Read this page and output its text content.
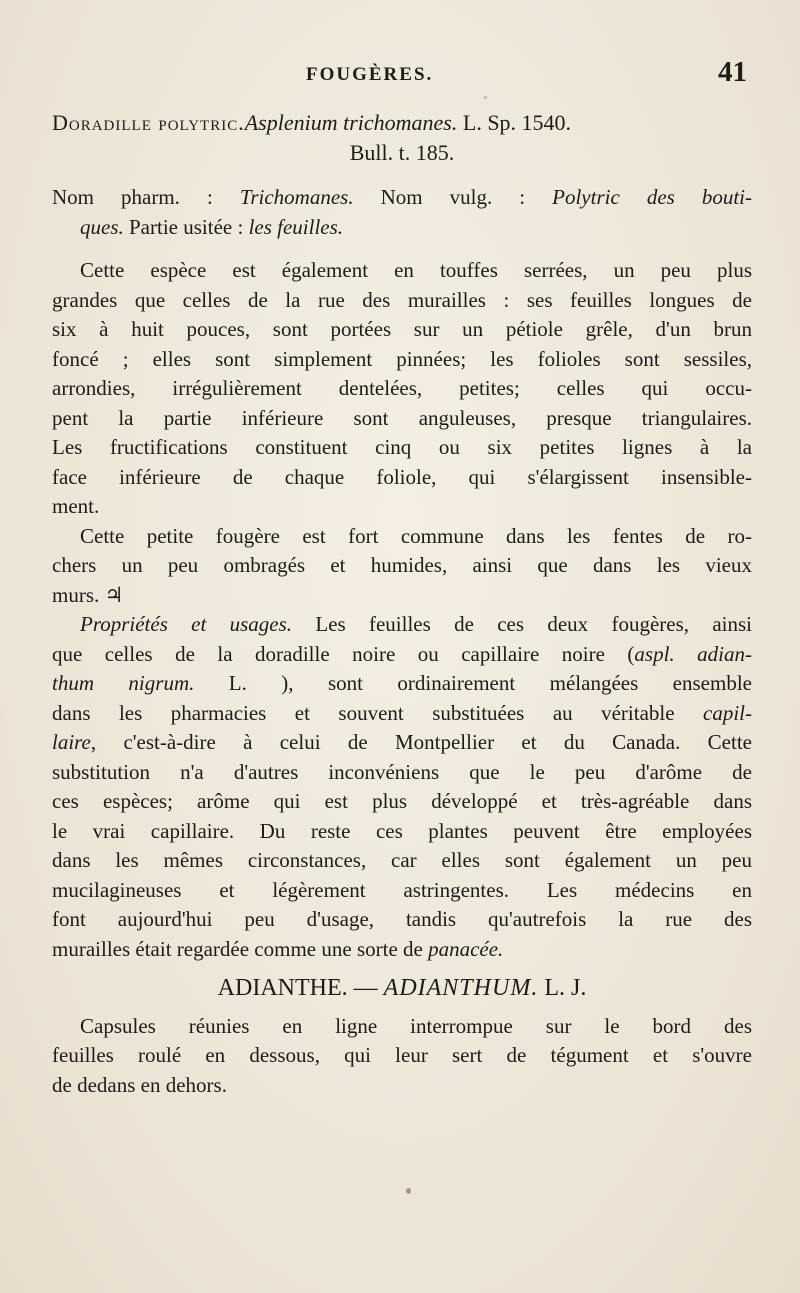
FOUGÈRES.	41
Doradille polytric.Asplenium trichomanes. L. Sp. 1540.
Bull. t. 185.
Nom pharm. : Trichomanes. Nom vulg. : Polytric des bouti-
ques. Partie usitée : les feuilles.
Cette espèce est également en touffes serrées, un peu plus
grandes que celles de la rue des murailles : ses feuilles longues de
six à huit pouces, sont portées sur un pétiole grêle, d'un brun
foncé ; elles sont simplement pinnées; les folioles sont sessiles,
arrondies, irrégulièrement dentelées, petites; celles qui occu-
pent la partie inférieure sont anguleuses, presque triangulaires.
Les fructifications constituent cinq ou six petites lignes à la
face inférieure de chaque foliole, qui s'élargissent insensible-
ment.
Cette petite fougère est fort commune dans les fentes de ro-
chers un peu ombragés et humides, ainsi que dans les vieux
murs. ♃
Propriétés et usages. Les feuilles de ces deux fougères, ainsi
que celles de la doradille noire ou capillaire noire (aspl. adian-
thum nigrum. L. ), sont ordinairement mélangées ensemble
dans les pharmacies et souvent substituées au véritable capil-
laire, c'est-à-dire à celui de Montpellier et du Canada. Cette
substitution n'a d'autres inconvéniens que le peu d'arôme de
ces espèces; arôme qui est plus développé et très-agréable dans
le vrai capillaire. Du reste ces plantes peuvent être employées
dans les mêmes circonstances, car elles sont également un peu
mucilagineuses et légèrement astringentes. Les médecins en
font aujourd'hui peu d'usage, tandis qu'autrefois la rue des
murailles était regardée comme une sorte de panacée.
ADIANTHE. — ADIANTHUM. L. J.
Capsules réunies en ligne interrompue sur le bord des
feuilles roulé en dessous, qui leur sert de tégument et s'ouvre
de dedans en dehors.
